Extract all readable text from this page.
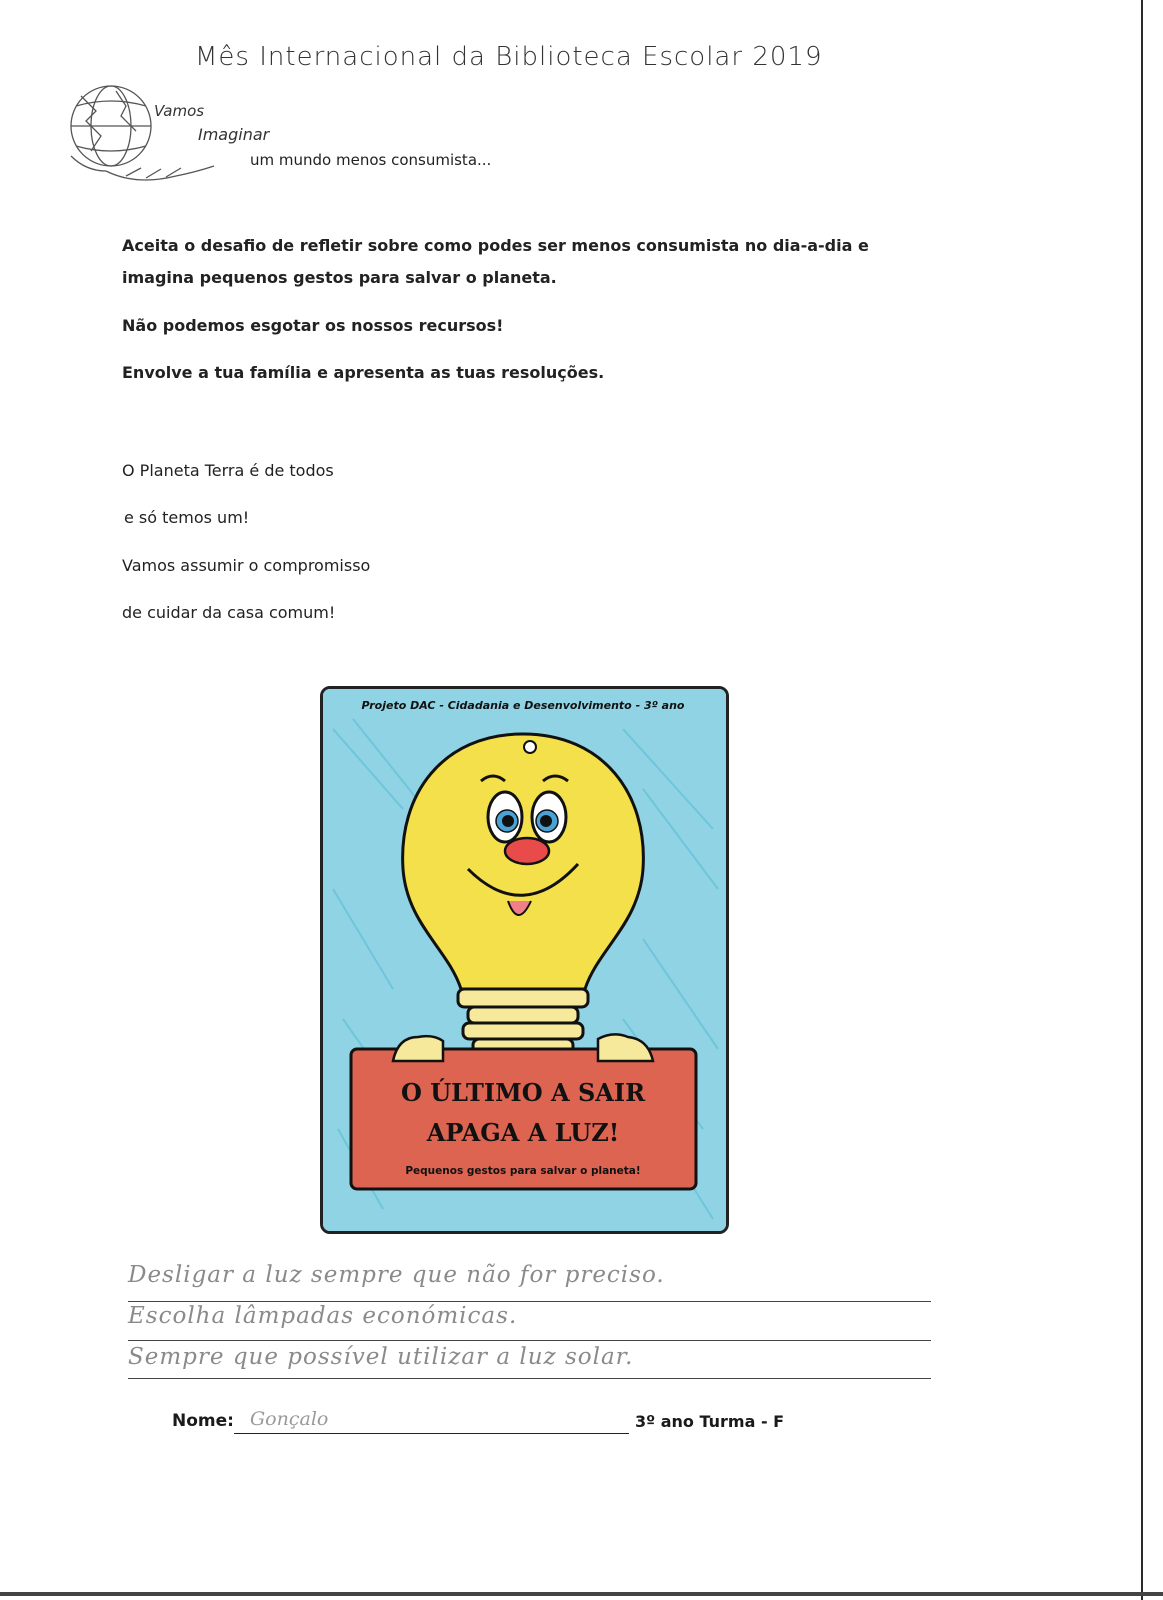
Mês Internacional da Biblioteca Escolar 2019
Vamos
Imaginar
um mundo menos consumista...
Aceita o desafio de refletir sobre como podes ser menos consumista no dia-a-dia e
imagina pequenos gestos para salvar o planeta.
Não podemos esgotar os nossos recursos!
Envolve a tua família e apresenta as tuas resoluções.
O Planeta Terra é de todos
e só temos um!
Vamos assumir o compromisso
de cuidar da casa comum!
Projeto DAC - Cidadania e Desenvolvimento - 3º ano
O ÚLTIMO A SAIR
APAGA A LUZ!
Pequenos gestos para salvar o planeta!
Desligar a luz sempre que não for preciso.
Escolha lâmpadas económicas.
Sempre que possível utilizar a luz solar.
Nome: Gonçalo	3º ano Turma - F
